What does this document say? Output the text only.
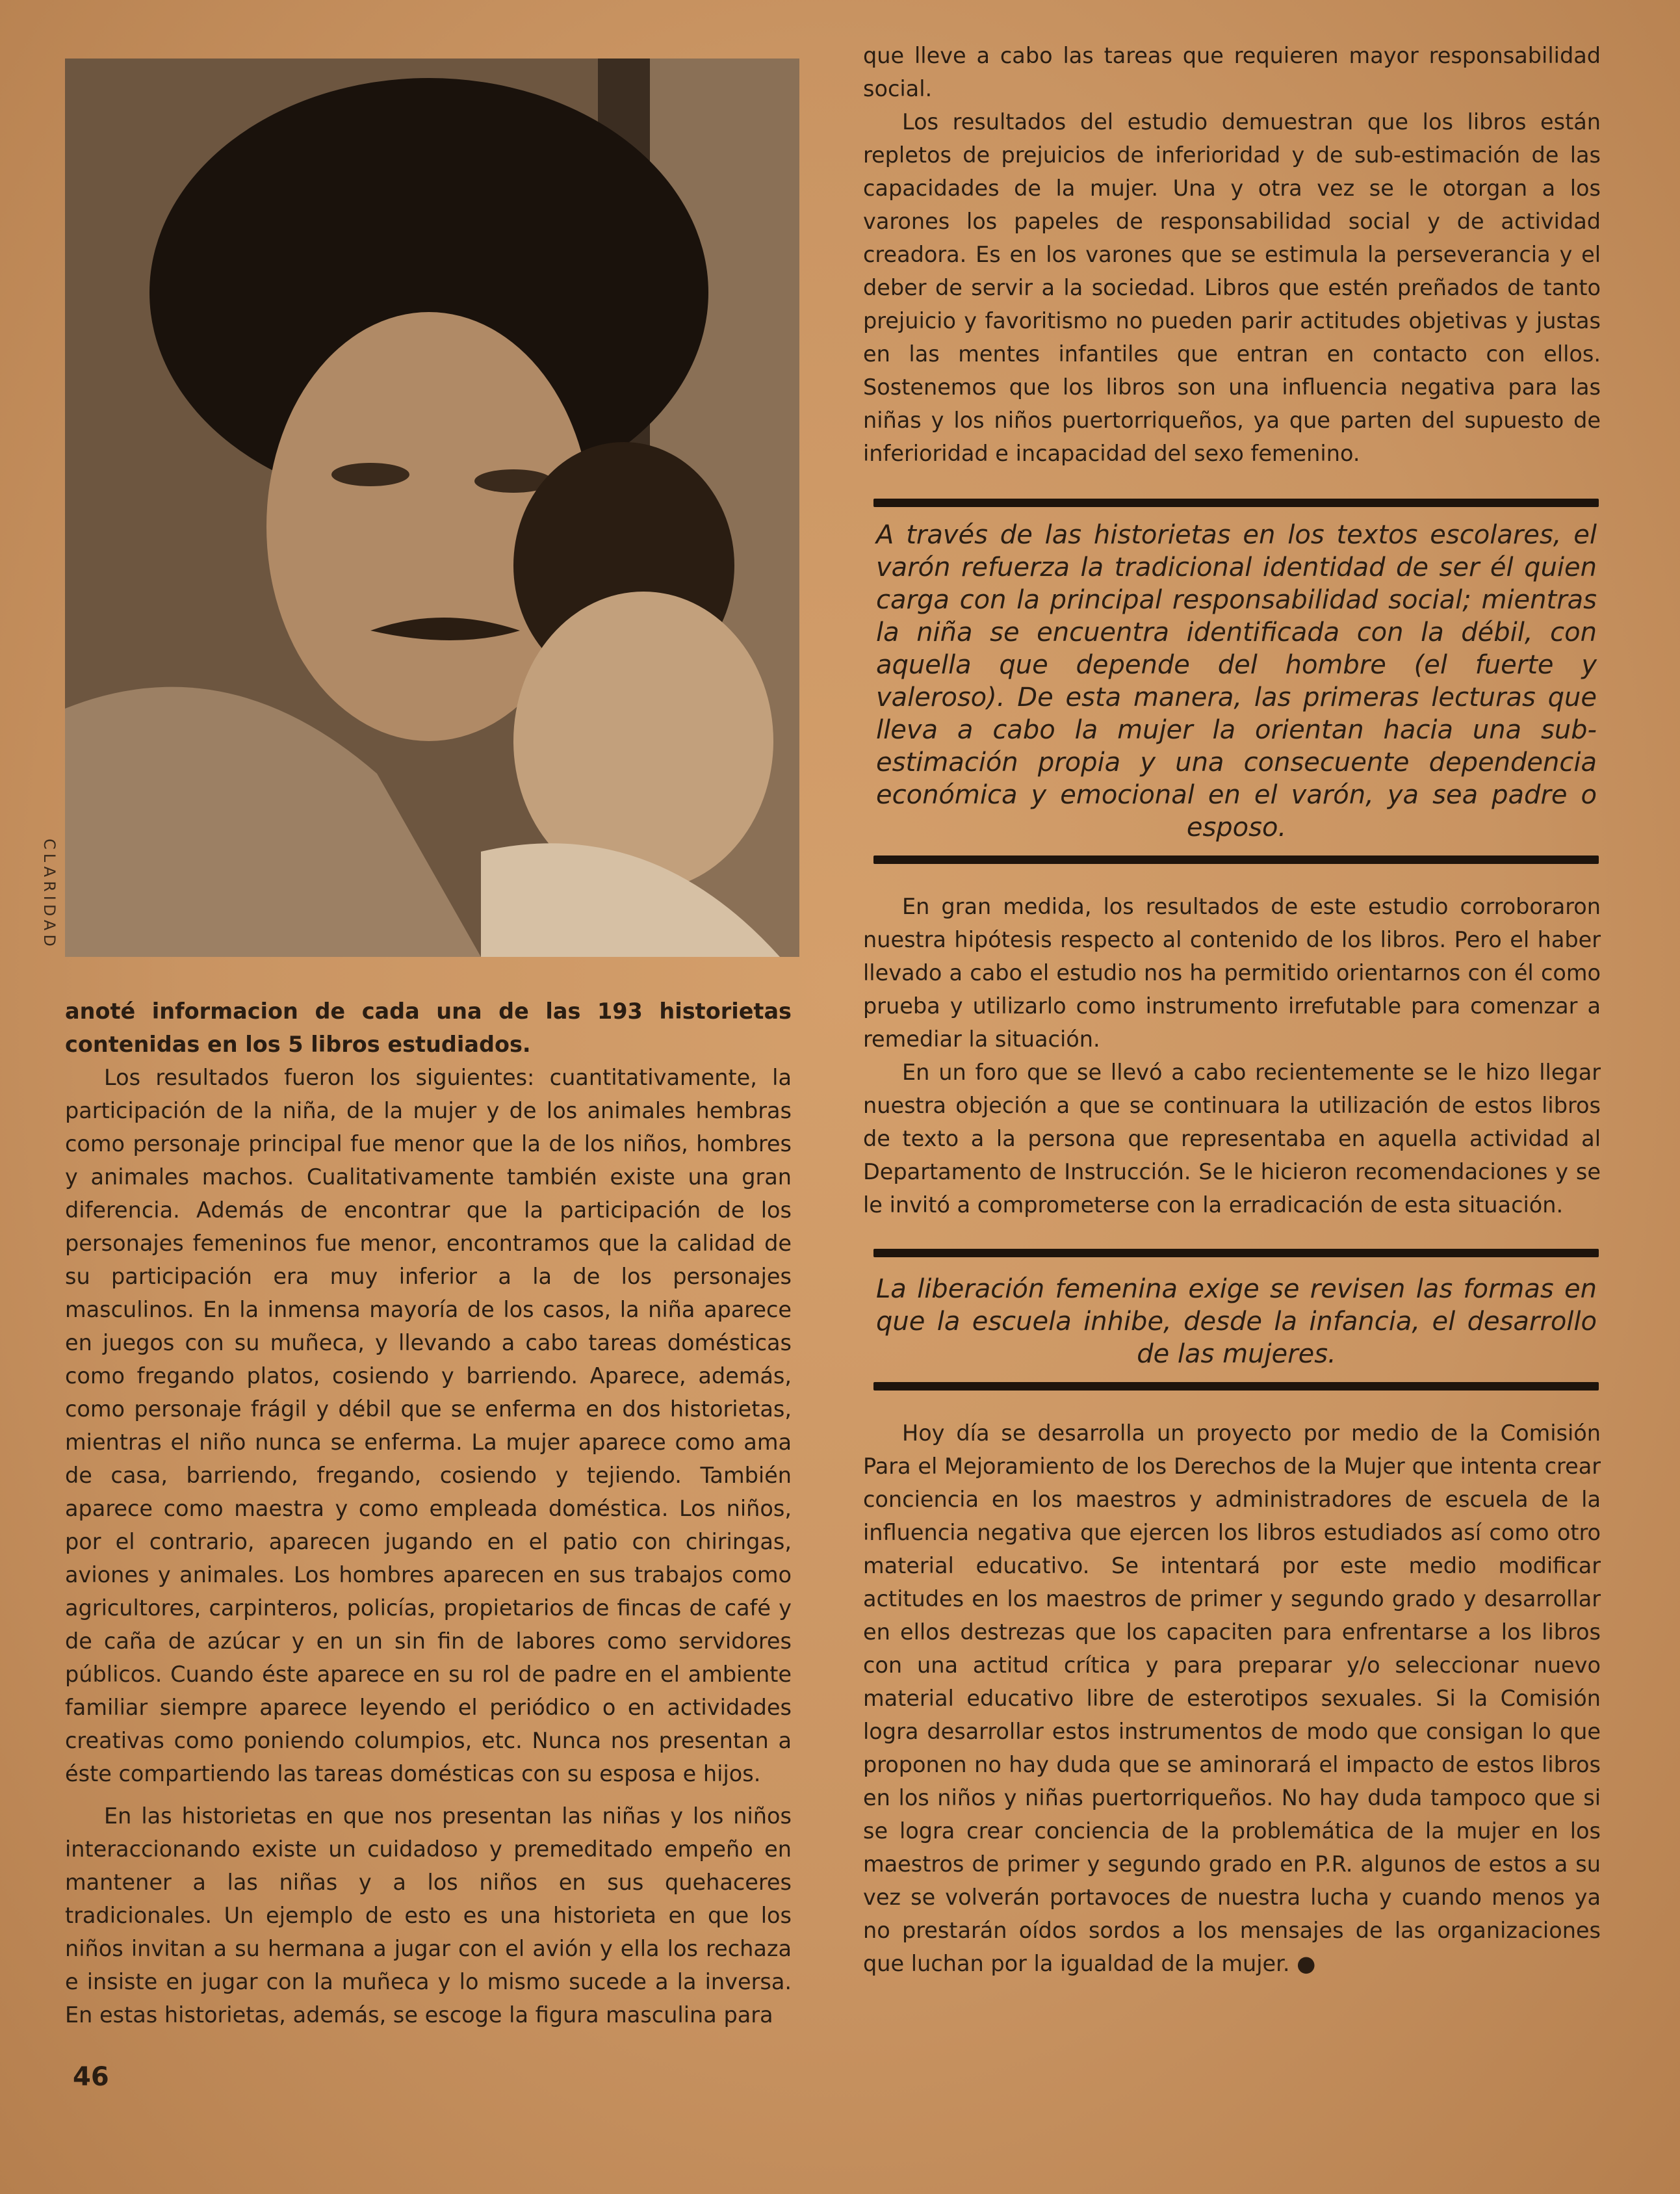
CLARIDAD

anoté informacion de cada una de las 193 historietas contenidas en los 5 libros estudiados.

Los resultados fueron los siguientes: cuantitativamente, la participación de la niña, de la mujer y de los animales hembras como personaje principal fue menor que la de los niños, hombres y animales machos. Cualitativamente también existe una gran diferencia. Además de encontrar que la participación de los personajes femeninos fue menor, encontramos que la calidad de su participación era muy inferior a la de los personajes masculinos. En la inmensa mayoría de los casos, la niña aparece en juegos con su muñeca, y llevando a cabo tareas domésticas como fregando platos, cosiendo y barriendo. Aparece, además, como personaje frágil y débil que se enferma en dos historietas, mientras el niño nunca se enferma. La mujer aparece como ama de casa, barriendo, fregando, cosiendo y tejiendo. También aparece como maestra y como empleada doméstica. Los niños, por el contrario, aparecen jugando en el patio con chiringas, aviones y animales. Los hombres aparecen en sus trabajos como agricultores, carpinteros, policías, propietarios de fincas de café y de caña de azúcar y en un sin fin de labores como servidores públicos. Cuando éste aparece en su rol de padre en el ambiente familiar siempre aparece leyendo el periódico o en actividades creativas como poniendo columpios, etc. Nunca nos presentan a éste compartiendo las tareas domésticas con su esposa e hijos.

En las historietas en que nos presentan las niñas y los niños interaccionando existe un cuidadoso y premeditado empeño en mantener a las niñas y a los niños en sus quehaceres tradicionales. Un ejemplo de esto es una historieta en que los niños invitan a su hermana a jugar con el avión y ella los rechaza e insiste en jugar con la muñeca y lo mismo sucede a la inversa. En estas historietas, además, se escoge la figura masculina para

que lleve a cabo las tareas que requieren mayor responsabilidad social.

Los resultados del estudio demuestran que los libros están repletos de prejuicios de inferioridad y de sub-estimación de las capacidades de la mujer. Una y otra vez se le otorgan a los varones los papeles de responsabilidad social y de actividad creadora. Es en los varones que se estimula la perseverancia y el deber de servir a la sociedad. Libros que estén preñados de tanto prejuicio y favoritismo no pueden parir actitudes objetivas y justas en las mentes infantiles que entran en contacto con ellos. Sostenemos que los libros son una influencia negativa para las niñas y los niños puertorriqueños, ya que parten del supuesto de inferioridad e incapacidad del sexo femenino.

A través de las historietas en los textos escolares, el varón refuerza la tradicional identidad de ser él quien carga con la principal responsabilidad social; mientras la niña se encuentra identificada con la débil, con aquella que depende del hombre (el fuerte y valeroso). De esta manera, las primeras lecturas que lleva a cabo la mujer la orientan hacia una sub-estimación propia y una consecuente dependencia económica y emocional en el varón, ya sea padre o esposo.

En gran medida, los resultados de este estudio corroboraron nuestra hipótesis respecto al contenido de los libros. Pero el haber llevado a cabo el estudio nos ha permitido orientarnos con él como prueba y utilizarlo como instrumento irrefutable para comenzar a remediar la situación.

En un foro que se llevó a cabo recientemente se le hizo llegar nuestra objeción a que se continuara la utilización de estos libros de texto a la persona que representaba en aquella actividad al Departamento de Instrucción. Se le hicieron recomendaciones y se le invitó a comprometerse con la erradicación de esta situación.

La liberación femenina exige se revisen las formas en que la escuela inhibe, desde la infancia, el desarrollo de las mujeres.

Hoy día se desarrolla un proyecto por medio de la Comisión Para el Mejoramiento de los Derechos de la Mujer que intenta crear conciencia en los maestros y administradores de escuela de la influencia negativa que ejercen los libros estudiados así como otro material educativo. Se intentará por este medio modificar actitudes en los maestros de primer y segundo grado y desarrollar en ellos destrezas que los capaciten para enfrentarse a los libros con una actitud crítica y para preparar y/o seleccionar nuevo material educativo libre de esterotipos sexuales. Si la Comisión logra desarrollar estos instrumentos de modo que consigan lo que proponen no hay duda que se aminorará el impacto de estos libros en los niños y niñas puertorriqueños. No hay duda tampoco que si se logra crear conciencia de la problemática de la mujer en los maestros de primer y segundo grado en P.R. algunos de estos a su vez se volverán portavoces de nuestra lucha y cuando menos ya no prestarán oídos sordos a los mensajes de las organizaciones que luchan por la igualdad de la mujer. ●

46
